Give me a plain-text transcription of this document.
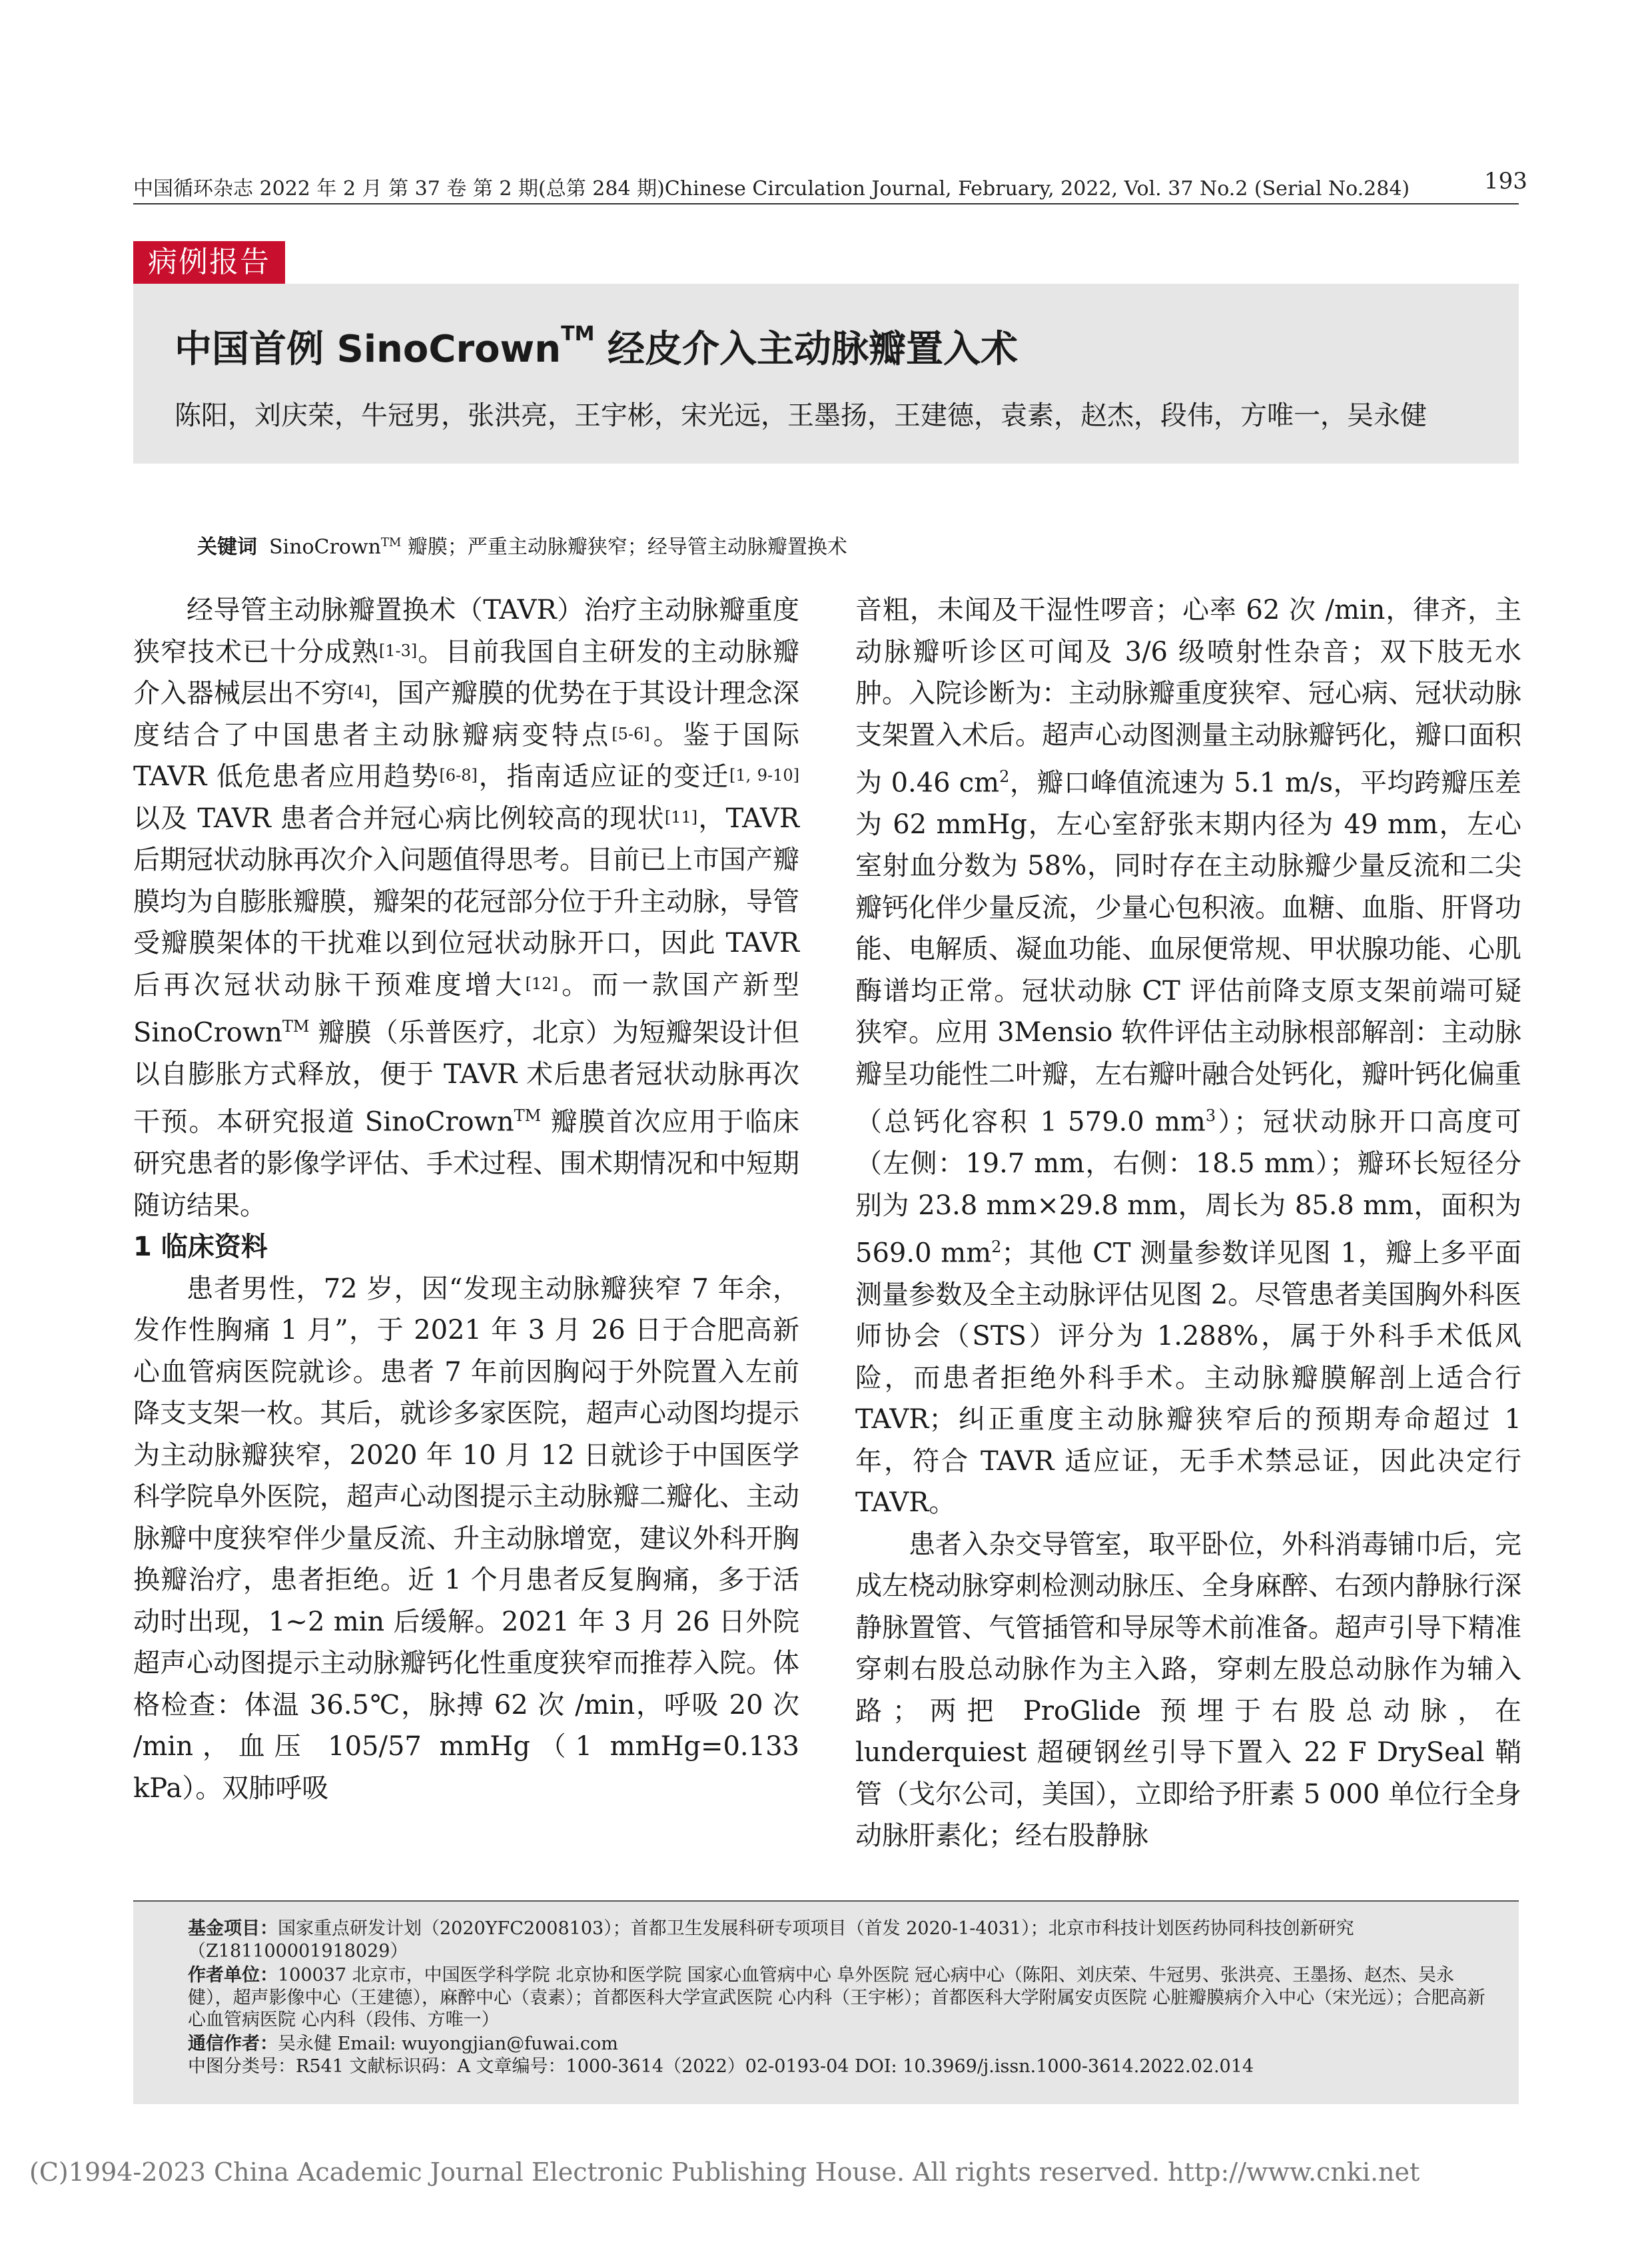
中国循环杂志 2022 年 2 月 第 37 卷 第 2 期(总第 284 期)Chinese Circulation Journal, February, 2022, Vol. 37 No.2 (Serial No.284)	193
病例报告
中国首例 SinoCrown™ 经皮介入主动脉瓣置入术
陈阳，刘庆荣，牛冠男，张洪亮，王宇彬，宋光远，王墨扬，王建德，袁素，赵杰，段伟，方唯一，吴永健
关键词 SinoCrown™ 瓣膜；严重主动脉瓣狭窄；经导管主动脉瓣置换术

经导管主动脉瓣置换术（TAVR）治疗主动脉瓣重度狭窄技术已十分成熟[1-3]。目前我国自主研发的主动脉瓣介入器械层出不穷[4]，国产瓣膜的优势在于其设计理念深度结合了中国患者主动脉瓣病变特点[5-6]。鉴于国际 TAVR 低危患者应用趋势[6-8]，指南适应证的变迁[1, 9-10]以及 TAVR 患者合并冠心病比例较高的现状[11]，TAVR 后期冠状动脉再次介入问题值得思考。目前已上市国产瓣膜均为自膨胀瓣膜，瓣架的花冠部分位于升主动脉，导管受瓣膜架体的干扰难以到位冠状动脉开口，因此 TAVR 后再次冠状动脉干预难度增大[12]。而一款国产新型 SinoCrown™ 瓣膜（乐普医疗，北京）为短瓣架设计但以自膨胀方式释放，便于 TAVR 术后患者冠状动脉再次干预。本研究报道 SinoCrown™ 瓣膜首次应用于临床研究患者的影像学评估、手术过程、围术期情况和中短期随访结果。

1 临床资料

患者男性，72 岁，因“发现主动脉瓣狭窄 7 年余，发作性胸痛 1 月”，于 2021 年 3 月 26 日于合肥高新心血管病医院就诊。患者 7 年前因胸闷于外院置入左前降支支架一枚。其后，就诊多家医院，超声心动图均提示为主动脉瓣狭窄，2020 年 10 月 12 日就诊于中国医学科学院阜外医院，超声心动图提示主动脉瓣二瓣化、主动脉瓣中度狭窄伴少量反流、升主动脉增宽，建议外科开胸换瓣治疗，患者拒绝。近 1 个月患者反复胸痛，多于活动时出现，1~2 min 后缓解。2021 年 3 月 26 日外院超声心动图提示主动脉瓣钙化性重度狭窄而推荐入院。体格检查：体温 36.5℃，脉搏 62 次 /min，呼吸 20 次 /min，血压 105/57 mmHg（1 mmHg=0.133 kPa）。双肺呼吸

音粗，未闻及干湿性啰音；心率 62 次 /min，律齐，主动脉瓣听诊区可闻及 3/6 级喷射性杂音；双下肢无水肿。入院诊断为：主动脉瓣重度狭窄、冠心病、冠状动脉支架置入术后。超声心动图测量主动脉瓣钙化，瓣口面积为 0.46 $cm^2$，瓣口峰值流速为 5.1 m/s，平均跨瓣压差为 62 mmHg，左心室舒张末期内径为 49 mm，左心室射血分数为 58%，同时存在主动脉瓣少量反流和二尖瓣钙化伴少量反流，少量心包积液。血糖、血脂、肝肾功能、电解质、凝血功能、血尿便常规、甲状腺功能、心肌酶谱均正常。冠状动脉 CT 评估前降支原支架前端可疑狭窄。应用 3Mensio 软件评估主动脉根部解剖：主动脉瓣呈功能性二叶瓣，左右瓣叶融合处钙化，瓣叶钙化偏重（总钙化容积 1 579.0 $mm^3$）；冠状动脉开口高度可（左侧：19.7 mm，右侧：18.5 mm）；瓣环长短径分别为 23.8 mm×29.8 mm，周长为 85.8 mm，面积为 569.0 $mm^2$；其他 CT 测量参数详见图 1，瓣上多平面测量参数及全主动脉评估见图 2。尽管患者美国胸外科医师协会（STS）评分为 1.288%，属于外科手术低风险，而患者拒绝外科手术。主动脉瓣膜解剖上适合行 TAVR；纠正重度主动脉瓣狭窄后的预期寿命超过 1 年，符合 TAVR 适应证，无手术禁忌证，因此决定行 TAVR。

患者入杂交导管室，取平卧位，外科消毒铺巾后，完成左桡动脉穿刺检测动脉压、全身麻醉、右颈内静脉行深静脉置管、气管插管和导尿等术前准备。超声引导下精准穿刺右股总动脉作为主入路，穿刺左股总动脉作为辅入路；两把 ProGlide 预埋于右股总动脉，在 lunderquiest 超硬钢丝引导下置入 22 F DrySeal 鞘管（戈尔公司，美国），立即给予肝素 5 000 单位行全身动脉肝素化；经右股静脉

基金项目：国家重点研发计划（2020YFC2008103）；首都卫生发展科研专项项目（首发 2020-1-4031）；北京市科技计划医药协同科技创新研究（Z181100001918029）
作者单位：100037 北京市，中国医学科学院 北京协和医学院 国家心血管病中心 阜外医院 冠心病中心（陈阳、刘庆荣、牛冠男、张洪亮、王墨扬、赵杰、吴永健），超声影像中心（王建德），麻醉中心（袁素）；首都医科大学宣武医院 心内科（王宇彬）；首都医科大学附属安贞医院 心脏瓣膜病介入中心（宋光远）；合肥高新心血管病医院 心内科（段伟、方唯一）
通信作者：吴永健 Email: wuyongjian@fuwai.com
中图分类号：R541 文献标识码：A 文章编号：1000-3614（2022）02-0193-04 DOI: 10.3969/j.issn.1000-3614.2022.02.014
(C)1994-2023 China Academic Journal Electronic Publishing House. All rights reserved. http://www.cnki.net
